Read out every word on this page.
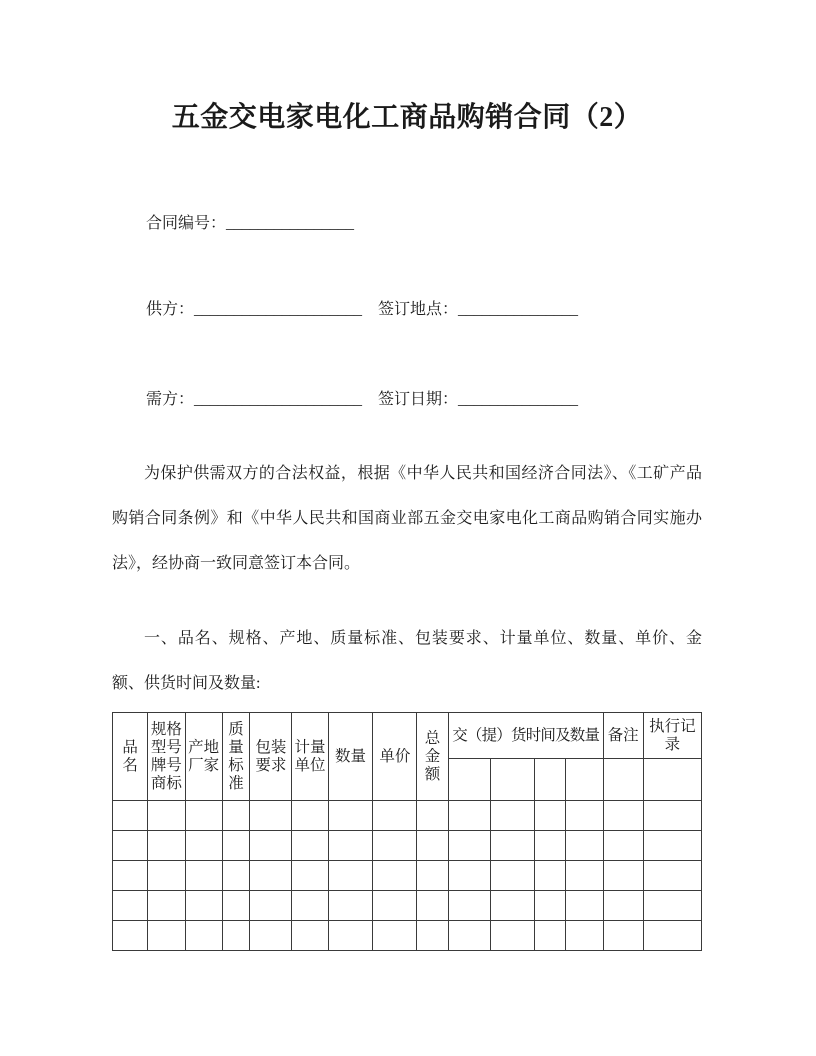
五金交电家电化工商品购销合同（2）
合同编号：________________
供方：_____________________ 签订地点：_______________
需方：_____________________ 签订日期：_______________

为保护供需双方的合法权益，根据《中华人民共和国经济合同法》、《工矿产品购销合同条例》和《中华人民共和国商业部五金交电家电化工商品购销合同实施办法》，经协商一致同意签订本合同。

一、品名、规格、产地、质量标准、包装要求、计量单位、数量、单价、金额、供货时间及数量:

品名	规格型号牌号商标	产地厂家	质量标准	包装要求	计量单位	数量	单价	总金额	交（提）货时间及数量				备注	执行记录
